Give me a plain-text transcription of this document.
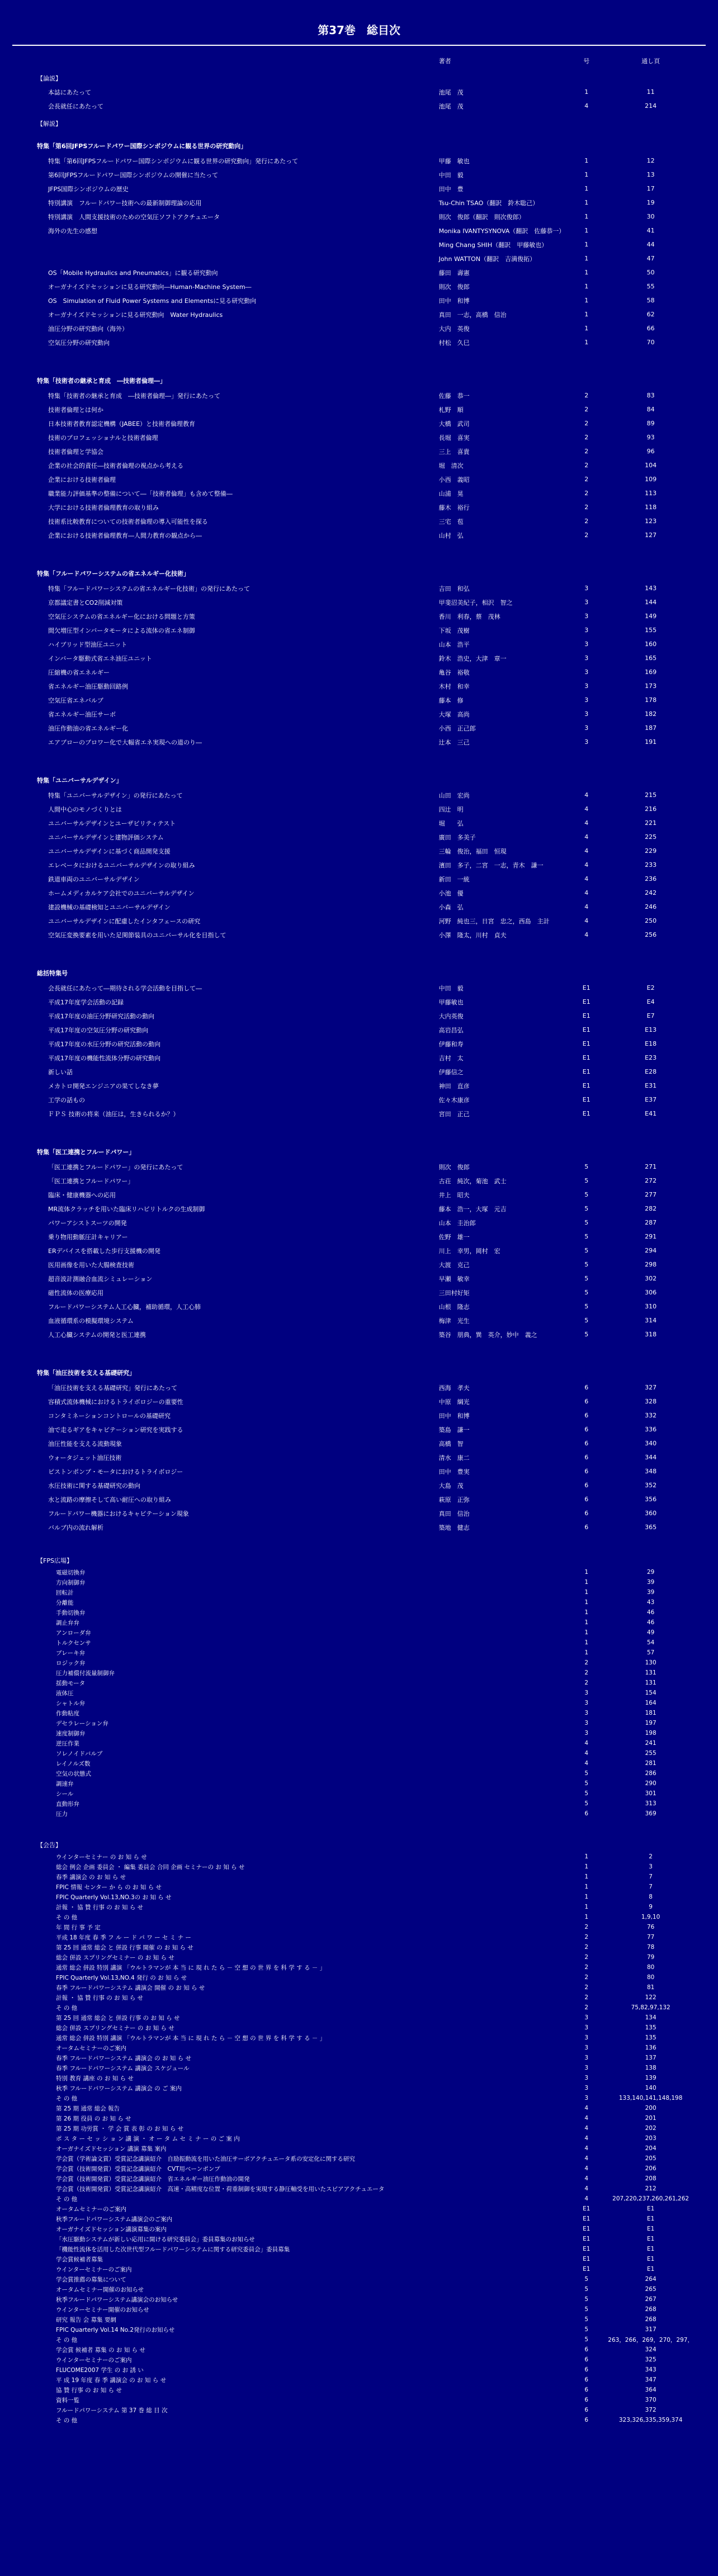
第37巻　総目次
	著者	号	通し頁
【論説】			
本誌にあたって	池尾　茂	1	11
会長就任にあたって	池尾　茂	4	214
【解説】			
特集「第6回JFPSフルードパワー国際シンポジウムに観る世界の研究動向」			
特集「第6回JFPSフルードパワー国際シンポジウムに観る世界の研究動向」発行にあたって	甲藤　敏也	1	12
第6回JFPSフルードパワー国際シンポジウムの開催に当たって	中田　毅	1	13
JFPS国際シンポジウムの歴史	田中　豊	1	17
特別講演　フルードパワー技術への最新制御理論の応用	Tsu-Chin TSAO（翻訳　鈴木聡己）	1	19
特別講演　人間支援技術のための空気圧ソフトアクチュエータ	則次　俊郎（翻訳　則次俊郎）	1	30
海外の先生の感想	Monika IVANTYSYNOVA（翻訳　佐藤恭一）	1	41
	Ming Chang SHIH（翻訳　甲藤敏也）	1	44
	John WATTON（翻訳　吉満俊拓）	1	47
OS「Mobile Hydraulics and Pneumatics」に観る研究動向	藤田　壽憲	1	50
オーガナイズドセッションに見る研究動向―Human-Machine System―	則次　俊郎	1	55
OS　Simulation of Fluid Power Systems and Elementsに見る研究動向	田中　和博	1	58
オーガナイズドセッションに見る研究動向　Water Hydraulics	真田　一志，高橋　信治	1	62
油圧分野の研究動向（海外）	大内　英俊	1	66
空気圧分野の研究動向	村松　久巳	1	70

特集「技術者の継承と育成　―技術者倫理―」			
特集「技術者の継承と育成　―技術者倫理―」発行にあたって	佐藤　恭一	2	83
技術者倫理とは何か	札野　順	2	84
日本技術者教育認定機構（JABEE）と技術者倫理教育	大橋　武司	2	89
技術のプロフェッショナルと技術者倫理	長堀　喜実	2	93
技術者倫理と学協会	三上　喜貴	2	96
企業の社会的責任―技術者倫理の視点から考える	堀　清次	2	104
企業における技術者倫理	小西　義昭	2	109
職業能力評価基準の整備について―「技術者倫理」も含めて整備―	山浦　晃	2	113
大学における技術者倫理教育の取り組み	藤木　裕行	2	118
技術系比較教育についての技術者倫理の導入可能性を探る	三宅　苞	2	123
企業における技術者倫理教育―人間力教育の観点から―	山村　弘	2	127

特集「フルードパワーシステムの省エネルギー化技術」			
特集「フルードパワーシステムの省エネルギー化技術」の発行にあたって	吉田　和弘	3	143
京都議定書とCO2削減対策	甲斐沼美紀子，相沢　智之	3	144
空気圧システムの省エネルギー化における問題と方策	香川　利春，蔡　茂林	3	149
間欠増圧型インバータモータによる流体の省エネ制御	下坂　茂樹	3	155
ハイブリッド型油圧ユニット	山本　浩平	3	160
インバータ駆動式省エネ油圧ユニット	鈴木　浩史，大津　章一	3	165
圧縮機の省エネルギー	亀谷　裕敬	3	169
省エネルギー油圧駆動回路例	木村　和幸	3	173
空気圧省エネバルブ	藤本　修	3	178
省エネルギー油圧サーボ	大塚　高尚	3	182
油圧作動油の省エネルギー化	小西　正己郎	3	187
エアブローのブロワー化で大幅省エネ実現への道のり―	辻本　三己	3	191

特集「ユニバーサルデザイン」			
特集「ユニバーサルデザイン」の発行にあたって	山田　宏尚	4	215
人間中心のモノづくりとは	四辻　明	4	216
ユニバーサルデザインとユーザビリティテスト	堀　　弘	4	221
ユニバーサルデザインと建物評価システム	廣田　多美子	4	225
ユニバーサルデザインに基づく商品開発支援	三輪　俊治，福田　恒現	4	229
エレベータにおけるユニバーサルデザインの取り組み	濱田　多子，二宮　一志，青木　謙一	4	233
鉄道車両のユニバーサルデザイン	新田　一統	4	236
ホームメディカルケア会社でのユニバーサルデザイン	小池　優	4	242
建設機械の基礎検知とユニバーサルデザイン	小森　弘	4	246
ユニバーサルデザインに配慮したインタフェースの研究	河野　純也三，日宮　忠之，西島　主計	4	250
空気圧変換要素を用いた足関節装具のユニバーサル化を目指して	小澤　隆太，川村　貞夫	4	256

総括特集号			
会長就任にあたって―期待される学会活動を目指して―	中田　毅	E1	E2
平成17年度学会活動の記録	甲藤敏也	E1	E4
平成17年度の油圧分野研究活動の動向	大内英俊	E1	E7
平成17年度の空気圧分野の研究動向	高岩昌弘	E1	E13
平成17年度の水圧分野の研究活動の動向	伊藤和寿	E1	E18
平成17年度の機能性流体分野の研究動向	吉村　太	E1	E23
新しい話	伊藤信之	E1	E28
メカトロ開発エンジニアの果てしなき夢	神田　直彦	E1	E31
工学の話もの	佐々木康彦	E1	E37
ＦＰＳ 技術の将来（油圧は，生きられるか？）	宮田　正己	E1	E41

特集「医工連携とフルードパワー」			
「医工連携とフルードパワー」の発行にあたって	則次　俊郎	5	271
「医工連携とフルードパワー」	古荘　純次，菊池　武士	5	272
臨床・健康機器への応用	井上　昭夫	5	277
MR流体クラッチを用いた臨床リハビリトルクの生成制御	藤本　浩一，大塚　元吉	5	282
パワーアシストスーツの開発	山本　圭治郎	5	287
乗り物用動脈圧計キャリアー	佐野　雄一	5	291
ERデバイスを搭載した歩行支援機の開発	川上　幸男，岡村　宏	5	294
医用画像を用いた大腸検査技術	大渡　克己	5	298
超音波計測融合血流シミュレーション	早瀬　敏幸	5	302
磁性流体の医療応用	三田村好矩	5	306
フルードパワーシステム人工心臓，補助循環，人工心肺	山根　隆志	5	310
血液循環系の模擬環境システム	梅津　光生	5	314
人工心臓システムの開発と医工連携	築谷　朋典，巽　英介，妙中　義之	5	318

特集「油圧技術を支える基礎研究」			
「油圧技術を支える基礎研究」発行にあたって	西海　孝夫	6	327
容積式流体機械におけるトライボロジーの重要性	中原　綱光	6	328
コンタミネーションコントロールの基礎研究	田中　和博	6	332
油で走るギアをキャビテーション研究を実践する	築島　謙一	6	336
油圧性能を支える流動現象	高橋　智	6	340
ウォータジェット油圧技術	清水　康二	6	344
ピストンポンプ・モータにおけるトライボロジー	田中　豊実	6	348
水圧技術に関する基礎研究の動向	大島　茂	6	352
水と流路の摩擦そして高い耐圧への取り組み	萩原　正弥	6	356
フルードパワー機器におけるキャビテーション現象	真田　信治	6	360
バルブ内の流れ解析	築地　健志	6	365

【FPS広場】			
電磁切換弁		1	29
方向制御弁		1	39
回転計		1	39
分離能		1	43
手動切換弁		1	46
調止弁弁		1	46
アンローダ弁		1	49
トルクセンサ		1	54
ブレーキ弁		1	57
ロジック弁		2	130
圧力補償付流量制御弁		2	131
揺動モータ		2	131
液体圧		3	154
シャトル弁		3	164
作動粘度		3	181
デセラレーション弁		3	197
速度制御弁		3	198
逆圧作業		4	241
ソレノイドバルブ		4	255
レイノルズ数		4	281
空気の状態式		5	286
調速弁		5	290
シール		5	301
直動形弁		5	313
圧力		6	369

【会告】			
ウインターセミナー の お 知 ら せ		1	2
総会 例会 企画 委員会 ・ 編集 委員会 合同 企画 セミナーの お 知 ら せ		1	3
春季 講演会 の お 知 ら せ		1	7
FPIC 情報 センター か ら の お 知 ら せ		1	7
FPIC Quarterly Vol.13,NO.3の お 知 ら せ		1	8
計報 ・ 協 贊 行事 の お 知 ら せ		1	9
そ の 他		1	1,9,10
年 間 行 事 予 定		2	76
平成 18 年度 春 季 フ ル ー ド パ ワ ー セ ミ ナ ー		2	77
第 25 回 通常 総会 と 併設 行事 開催 の お 知 ら せ		2	78
総会 併設 スプリングセミナー の お 知 ら せ		2	79
通常 総会 併設 特別 講演 「ウルトラマンが 本 当 に 現 れ た ら － 空 想 の 世 界 を 科 学 す る － 」		2	80
FPIC Quarterly Vol.13,NO.4 発行 の お 知 ら せ		2	80
春季 フルードパワーシステム 講演会 開催 の お 知 ら せ		2	81
計報 ・ 協 贊 行事 の お 知 ら せ		2	122
そ の 他		2	75,82,97,132
第 25 回 通常 総会 と 併設 行事 の お 知 ら せ		3	134
総会 併設 スプリングセミナー の お 知 ら せ		3	135
通常 総会 併設 特別 講演 「ウルトラマンが 本 当 に 現 れ た ら － 空 想 の 世 界 を 科 学 す る － 」		3	135
オータムセミナーのご案内		3	136
春季 フルードパワーシステム 講演会 の お 知 ら せ		3	137
春季 フルードパワーシステム 講演会 スケジュール		3	138
特別 教育 講座 の お 知 ら せ		3	139
秋季 フルードパワーシステム 講演会 の ご 案内		3	140
そ の 他		3	133,140,141,148,198
第 25 期 通常 総会 報告		4	200
第 26 期 役員 の お 知 ら せ		4	201
第 25 期 功労賞 ・ 学 会 賞 表 彰 の お 知 ら せ		4	202
ポ ス タ ー セ ッ シ ョ ン 講 演 ・ オ ー タ ム セ ミ ナ ー の ご 案 内		4	203
オーガナイズドセッション 講演 募集 案内		4	204
学会賞（学術論文賞）受賞記念講演紹介　自励振動流を用いた油圧サーボアクチュエータ系の安定化に関する研究		4	205
学会賞（技術開発賞）受賞記念講演紹介　CVT用ベーンポンプ		4	206
学会賞（技術開発賞）受賞記念講演紹介　省エネルギー油圧作動油の開発		4	208
学会賞（技術開発賞）受賞記念講演紹介　高速・高精度な位置・荷重制御を実現する静圧軸受を用いたスピアアクチュエータ		4	212
そ の 他		4	207,220,237,260,261,262
オータムセミナーのご案内		E1	E1
秋季フルードパワーシステム講演会のご案内		E1	E1
オーガナイズドセッション講演募集の案内		E1	E1
「水圧駆動システムが新しい応用に開ける研究委員会」委員募集のお知らせ		E1	E1
「機能性流体を活用した次世代型フルードパワーシステムに関する研究委員会」委員募集		E1	E1
学会賞候補者募集		E1	E1
ウインターセミナーのご案内		E1	E1
学会賞推薦の募集について		5	264
オータムセミナー開催のお知らせ		5	265
秋季フルードパワーシステム講演会のお知らせ		5	267
ウインターセミナー開催のお知らせ		5	268
研究 報告 会 募集 要網		5	268
FPIC Quarterly Vol.14 No.2発行のお知らせ		5	317
そ の 他		5	263，266，269，270，297，
学会賞 候補者 募集 の お 知 ら せ		6	324
ウインターセミナーのご案内		6	325
FLUCOME2007 学生 の お 誘 い		6	343
平 成 19 年度 春 季 講演会 の お 知 ら せ		6	347
協 贊 行事 の お 知 ら せ		6	364
資料一覧		6	370
フルードパワーシステム 第 37 巻 総 目 次		6	372
そ の 他		6	323,326,335,359,374
